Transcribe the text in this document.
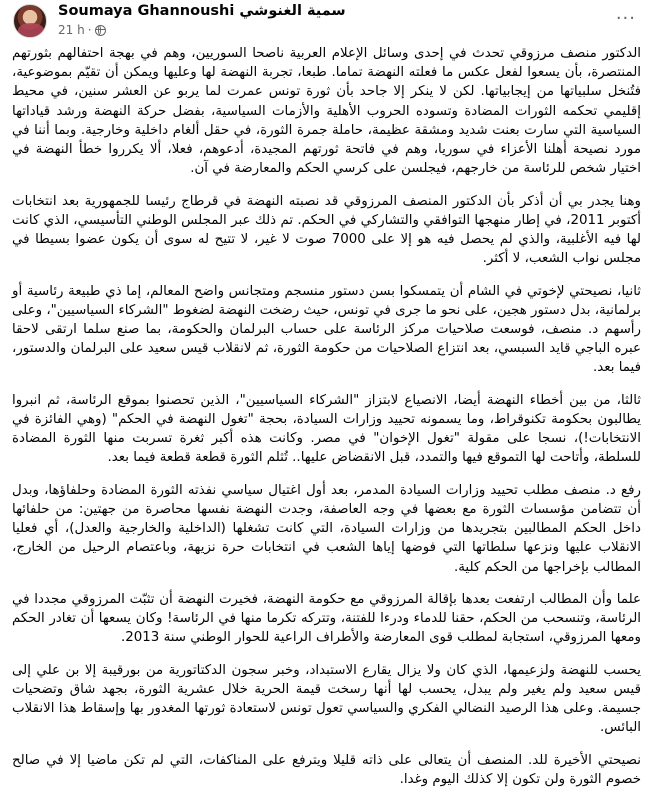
Soumaya Ghannoushi سمية الغنوشي
21 h ·
···

الدكتور منصف مرزوقي تحدث في إحدى وسائل الإعلام العربية ناصحا السوريين، وهم في بهجة احتفالهم بثورتهم المنتصرة، بأن يسعوا لفعل عكس ما فعلته النهضة تماما. طبعا، تجربة النهضة لها وعليها ويمكن أن تقيّم بموضوعية، فتُنخل سلبياتها من إيجابياتها. لكن لا ينكر إلا جاحد بأن ثورة تونس عمرت لما يربو عن العشر سنين، في محيط إقليمي تحكمه الثورات المضادة وتسوده الحروب الأهلية والأزمات السياسية، بفضل حركة النهضة ورشد قياداتها السياسية التي سارت بعنت شديد ومشقة عظيمة، حاملة جمرة الثورة، في حقل ألغام داخلية وخارجية. وبما أننا في مورد نصيحة أهلنا الأعزاء في سوريا، وهم في فاتحة ثورتهم المجيدة، أدعوهم، فعلا، ألا يكرروا خطأ النهضة في اختيار شخص للرئاسة من خارجهم، فيجلسن على كرسي الحكم والمعارضة في آن.

وهنا يجدر بي أن أذكر بأن الدكتور المنصف المرزوقي قد نصبته النهضة في قرطاج رئيسا للجمهورية بعد انتخابات أكتوبر 2011، في إطار منهجها التوافقي والتشاركي في الحكم. تم ذلك عبر المجلس الوطني التأسيسي، الذي كانت لها فيه الأغلبية، والذي لم يحصل فيه هو إلا على 7000 صوت لا غير، لا تتيح له سوى أن يكون عضوا بسيطا في مجلس نواب الشعب، لا أكثر.

ثانيا، نصيحتي لإخوتي في الشام أن يتمسكوا بسن دستور منسجم ومتجانس واضح المعالم، إما ذي طبيعة رئاسية أو برلمانية، بدل دستور هجين، على نحو ما جرى في تونس، حيث رضخت النهضة لضغوط "الشركاء السياسيين"، وعلى رأسهم د. منصف، فوسعت صلاحيات مركز الرئاسة على حساب البرلمان والحكومة، بما صنع سلما ارتقى لاحقا عبره الباجي قايد السبسي، بعد انتزاع الصلاحيات من حكومة الثورة، ثم لانقلاب قيس سعيد على البرلمان والدستور، فيما بعد.

ثالثا، من بين أخطاء النهضة أيضا، الانصياع لابتزاز "الشركاء السياسيين"، الذين تحصنوا بموقع الرئاسة، ثم انبروا يطالبون بحكومة تكنوقراط، وما يسمونه تحييد وزارات السيادة، بحجة "تغول النهضة في الحكم" (وهي الفائزة في الانتخابات!)، نسجا على مقولة "تغول الإخوان" في مصر. وكانت هذه أكبر ثغرة تسربت منها الثورة المضادة للسلطة، وأتاحت لها التموقع فيها والتمدد، قبل الانقضاض عليها.. تُثلم الثورة قطعة قطعة فيما بعد.

رفع د. منصف مطلب تحييد وزارات السيادة المدمر، بعد أول اغتيال سياسي نفذته الثورة المضادة وحلفاؤها، وبدل أن تتضامن مؤسسات الثورة مع بعضها في وجه العاصفة، وجدت النهضة نفسها محاصرة من جهتين: من حلفائها داخل الحكم المطالبين بتجريدها من وزارات السيادة، التي كانت تشغلها (الداخلية والخارجية والعدل)، أي فعليا الانقلاب عليها ونزعها سلطاتها التي فوضها إياها الشعب في انتخابات حرة نزيهة، وباعتصام الرحيل من الخارج، المطالب بإخراجها من الحكم كلية.

علما وأن المطالب ارتفعت بعدها بإقالة المرزوقي مع حكومة النهضة، فخيرت النهضة أن تثبّت المرزوقي مجددا في الرئاسة، وتنسحب من الحكم، حقنا للدماء ودرءا للفتنة، وتتركه تكرما منها في الرئاسة! وكان يسعها أن تغادر الحكم ومعها المرزوقي، استجابة لمطلب قوى المعارضة والأطراف الراعية للحوار الوطني سنة 2013.

يحسب للنهضة ولزعيمها، الذي كان ولا يزال يقارع الاستبداد، وخبر سجون الدكتاتورية من بورقيبة إلا بن علي إلى قيس سعيد ولم يغير ولم يبدل، يحسب لها أنها رسخت قيمة الحرية خلال عشرية الثورة، بجهد شاق وتضحيات جسيمة. وعلى هذا الرصيد النضالي الفكري والسياسي تعول تونس لاستعادة ثورتها المغدور بها وإسقاط هذا الانقلاب البائس.

نصيحتي الأخيرة للد. المنصف أن يتعالى على ذاته قليلا ويترفع على المناكفات، التي لم تكن ماضيا إلا في صالح خصوم الثورة ولن تكون إلا كذلك اليوم وغدا.
